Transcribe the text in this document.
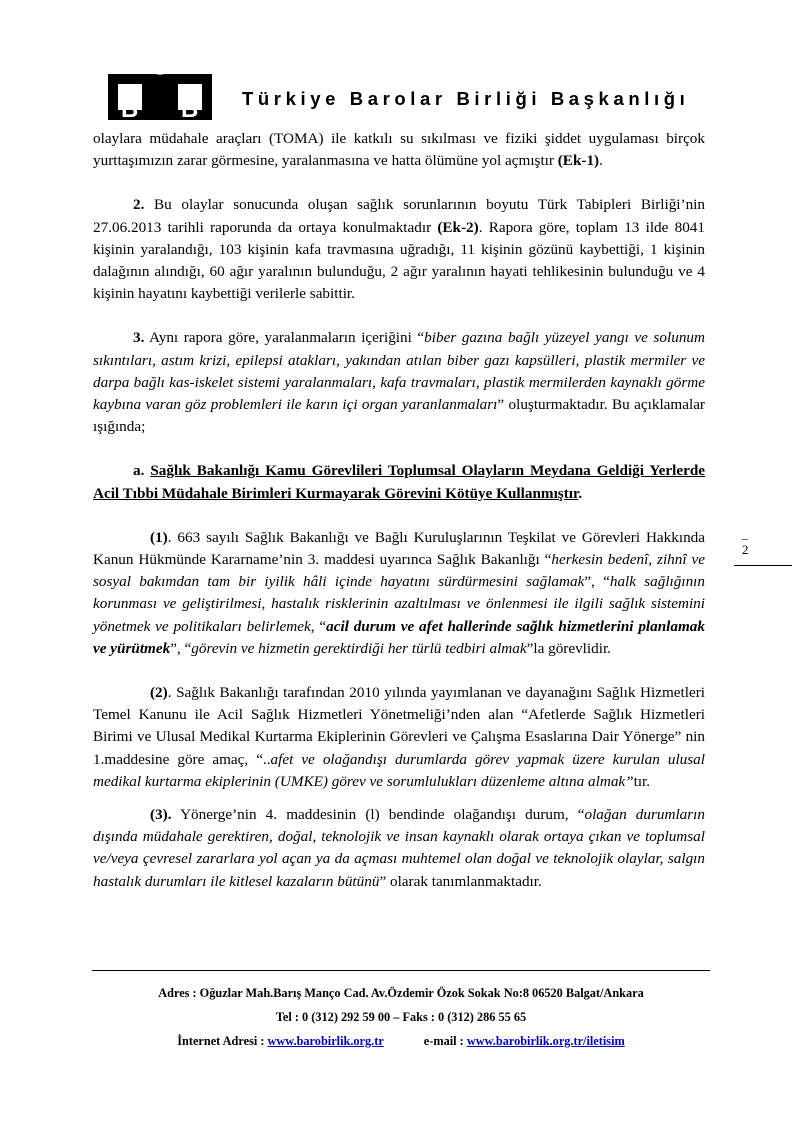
B B Türkiye Barolar Birliği Başkanlığı

olaylara müdahale araçları (TOMA) ile katkılı su sıkılması ve fiziki şiddet uygulaması birçok yurttaşımızın zarar görmesine, yaralanmasına ve hatta ölümüne yol açmıştır (Ek-1).

2. Bu olaylar sonucunda oluşan sağlık sorunlarının boyutu Türk Tabipleri Birliği’nin 27.06.2013 tarihli raporunda da ortaya konulmaktadır (Ek-2). Rapora göre, toplam 13 ilde 8041 kişinin yaralandığı, 103 kişinin kafa travmasına uğradığı, 11 kişinin gözünü kaybettiği, 1 kişinin dalağının alındığı, 60 ağır yaralının bulunduğu, 2 ağır yaralının hayati tehlikesinin bulunduğu ve 4 kişinin hayatını kaybettiği verilerle sabittir.

3. Aynı rapora göre, yaralanmaların içeriğini “biber gazına bağlı yüzeyel yangı ve solunum sıkıntıları, astım krizi, epilepsi atakları, yakından atılan biber gazı kapsülleri, plastik mermiler ve darpa bağlı kas-iskelet sistemi yaralanmaları, kafa travmaları, plastik mermilerden kaynaklı görme kaybına varan göz problemleri ile karın içi organ yaranlanmaları” oluşturmaktadır. Bu açıklamalar ışığında;

a. Sağlık Bakanlığı Kamu Görevlileri Toplumsal Olayların Meydana Geldiği Yerlerde Acil Tıbbi Müdahale Birimleri Kurmayarak Görevini Kötüye Kullanmıştır.

(1). 663 sayılı Sağlık Bakanlığı ve Bağlı Kuruluşlarının Teşkilat ve Görevleri Hakkında Kanun Hükmünde Kararname’nin 3. maddesi uyarınca Sağlık Bakanlığı “herkesin bedenî, zihnî ve sosyal bakımdan tam bir iyilik hâli içinde hayatını sürdürmesini sağlamak”, “halk sağlığının korunması ve geliştirilmesi, hastalık risklerinin azaltılması ve önlenmesi ile ilgili sağlık sistemini yönetmek ve politikaları belirlemek, “acil durum ve afet hallerinde sağlık hizmetlerini planlamak ve yürütmek”, “görevin ve hizmetin gerektirdiği her türlü tedbiri almak”la görevlidir.

(2). Sağlık Bakanlığı tarafından 2010 yılında yayımlanan ve dayanağını Sağlık Hizmetleri Temel Kanunu ile Acil Sağlık Hizmetleri Yönetmeliği’nden alan “Afetlerde Sağlık Hizmetleri Birimi ve Ulusal Medikal Kurtarma Ekiplerinin Görevleri ve Çalışma Esaslarına Dair Yönerge” nin 1.maddesine göre amaç, “..afet ve olağandışı durumlarda görev yapmak üzere kurulan ulusal medikal kurtarma ekiplerinin (UMKE) görev ve sorumlulukları düzenleme altına almak”tır.

(3). Yönerge’nin 4. maddesinin (l) bendinde olağandışı durum, “olağan durumların dışında müdahale gerektiren, doğal, teknolojik ve insan kaynaklı olarak ortaya çıkan ve toplumsal ve/veya çevresel zararlara yol açan ya da açması muhtemel olan doğal ve teknolojik olaylar, salgın hastalık durumları ile kitlesel kazaların bütünü” olarak tanımlanmaktadır.

–
2

Adres : Oğuzlar Mah.Barış Manço Cad. Av.Özdemir Özok Sokak No:8 06520 Balgat/Ankara

Tel : 0 (312) 292 59 00 – Faks : 0 (312) 286 55 65

İnternet Adresi : www.barobirlik.org.tr	e-mail : www.barobirlik.org.tr/iletisim
